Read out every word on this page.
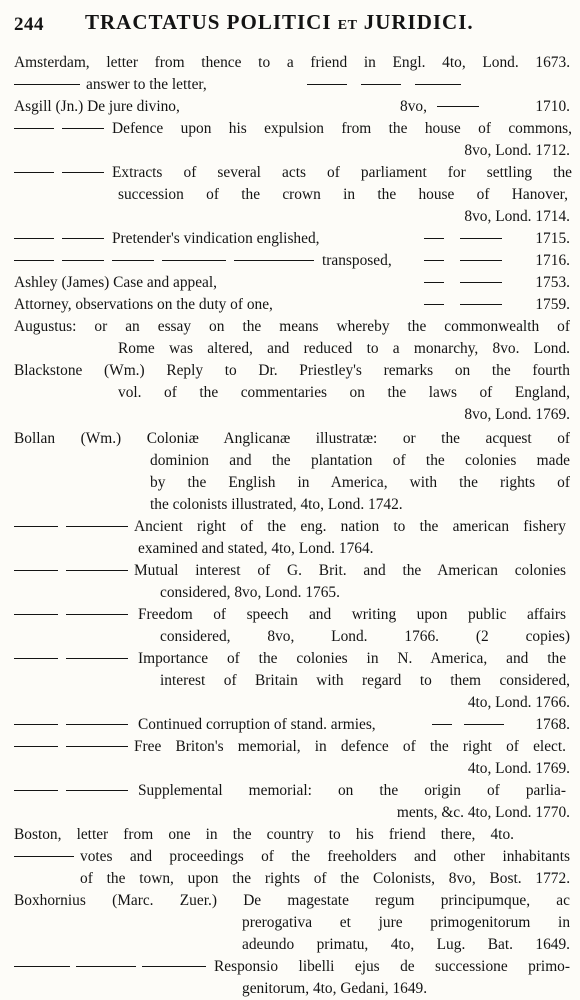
244 TRACTATUS POLITICI ET JURIDICI.
Amsterdam, letter from thence to a friend in Engl. 4to, Lond. 1673.
answer to the letter,
Asgill (Jn.) De jure divino,	8vo,	1710.
Defence upon his expulsion from the house of commons,
8vo, Lond. 1712.
Extracts of several acts of parliament for settling the
succession of the crown in the house of Hanover,
8vo, Lond. 1714.
Pretender's vindication englished,	1715.
transposed,	1716.
Ashley (James) Case and appeal,	1753.
Attorney, observations on the duty of one,	1759.
Augustus: or an essay on the means whereby the commonwealth of
Rome was altered, and reduced to a monarchy, 8vo. Lond.
Blackstone (Wm.) Reply to Dr. Priestley's remarks on the fourth
vol. of the commentaries on the laws of England,
8vo, Lond. 1769.
Bollan (Wm.) Coloniæ Anglicanæ illustratæ: or the acquest of
dominion and the plantation of the colonies made
by the English in America, with the rights of
the colonists illustrated, 4to, Lond. 1742.
Ancient right of the eng. nation to the american fishery
examined and stated, 4to, Lond. 1764.
Mutual interest of G. Brit. and the American colonies
considered, 8vo, Lond. 1765.
Freedom of speech and writing upon public affairs
considered, 8vo, Lond. 1766. (2 copies)
Importance of the colonies in N. America, and the
interest of Britain with regard to them considered,
4to, Lond. 1766.
Continued corruption of stand. armies,	1768.
Free Briton's memorial, in defence of the right of elect.
4to, Lond. 1769.
Supplemental memorial: on the origin of parlia-
ments, &c. 4to, Lond. 1770.
Boston, letter from one in the country to his friend there, 4to.
votes and proceedings of the freeholders and other inhabitants
of the town, upon the rights of the Colonists, 8vo, Bost. 1772.
Boxhornius (Marc. Zuer.) De magestate regum principumque, ac
prerogativa et jure primogenitorum in
adeundo primatu, 4to, Lug. Bat. 1649.
Responsio libelli ejus de successione primo-
genitorum, 4to, Gedani, 1649.
